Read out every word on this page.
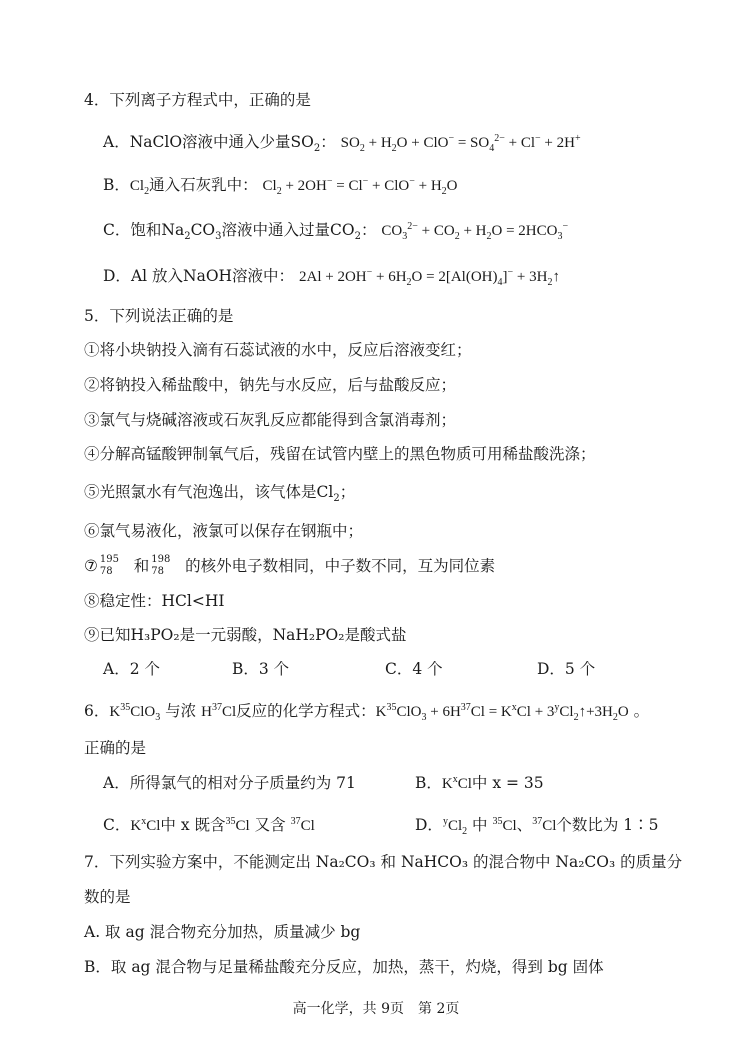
4．下列离子方程式中，正确的是
A．NaClO溶液中通入少量$SO_2$： $SO_2 + H_2O + ClO^- = SO_4^{2-} + Cl^- + 2H^+$
B．$Cl_2$通入石灰乳中： $Cl_2 + 2OH^- = Cl^- + ClO^- + H_2O$
C．饱和$Na_2CO_3$溶液中通入过量$CO_2$： $CO_3^{2-} + CO_2 + H_2O = 2HCO_3^-$
D．Al 放入NaOH溶液中： $2Al + 2OH^- + 6H_2O = 2[Al(OH)_4]^-$ + $3H_2↑$
5．下列说法正确的是
①将小块钠投入滴有石蕊试液的水中，反应后溶液变红；
②将钠投入稀盐酸中，钠先与水反应，后与盐酸反应；
③氯气与烧碱溶液或石灰乳反应都能得到含氯消毒剂；
④分解高锰酸钾制氧气后，残留在试管内壁上的黑色物质可用稀盐酸洗涤；
⑤光照氯水有气泡逸出，该气体是$Cl_2$；
⑥氯气易液化，液氯可以保存在钢瓶中；
⑦ 195
78 和 198
78 的核外电子数相同，中子数不同，互为同位素
⑧稳定性：HCl<HI
⑨已知H₃PO₂是一元弱酸，NaH₂PO₂是酸式盐
A．2 个	B．3 个	C．4 个	D．5 个
6．$K^{35}ClO_3$ 与浓 $H^{37}Cl$反应的化学方程式：$K^{35}ClO_3 + 6H^{37}Cl = K^xCl$ + $3^yCl_2↑+3H_2O$ 。
正确的是
A．所得氯气的相对分子质量约为 71	B．$K^xCl$中 x = 35
C．$K^xCl$中 x 既含$^{35}$Cl 又含 $^{37}$Cl	D．$^yCl_2$ 中 $^{35}$Cl、$^{37}$Cl个数比为 1∶5
7．下列实验方案中，不能测定出 Na₂CO₃ 和 NaHCO₃ 的混合物中 Na₂CO₃ 的质量分
数的是
A. 取 ag 混合物充分加热，质量减少 bg
B．取 ag 混合物与足量稀盐酸充分反应，加热，蒸干，灼烧，得到 bg 固体
高一化学，共 9页　第 2页
